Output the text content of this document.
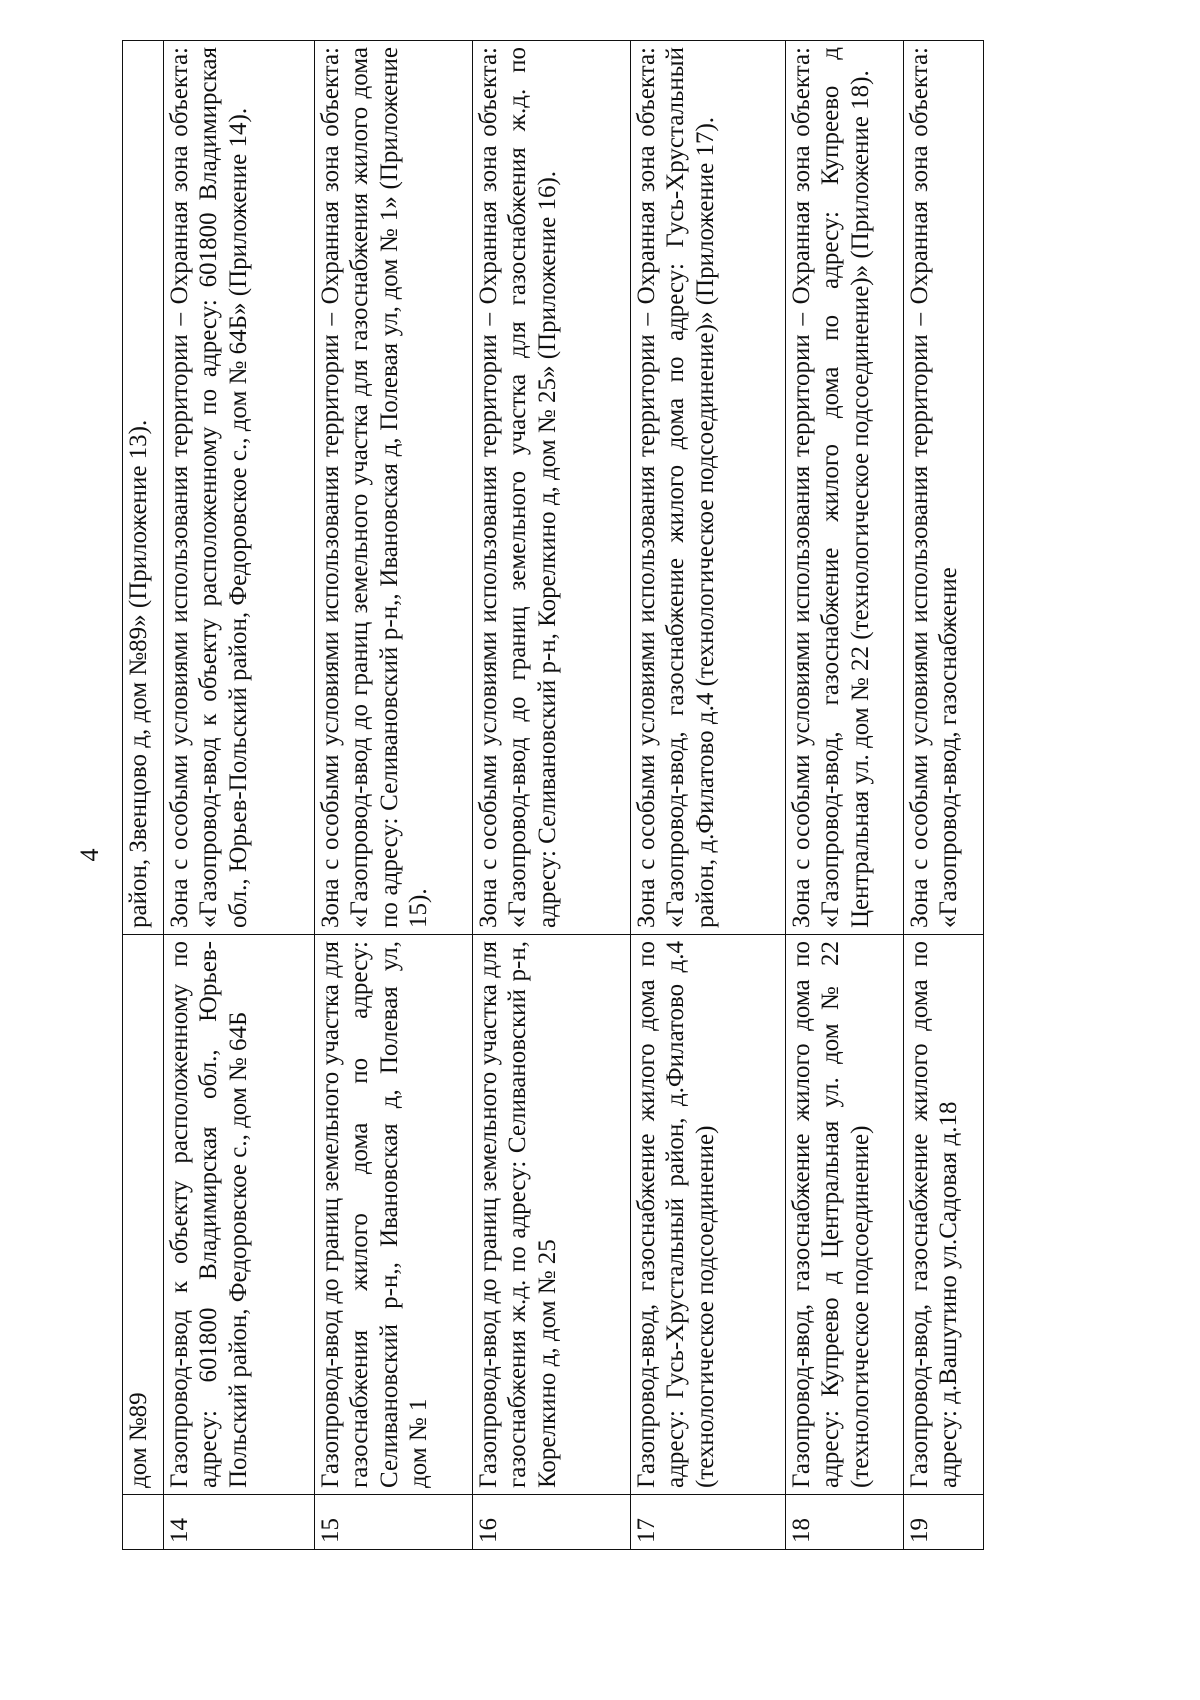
4
	дом №89	район, Звенцово д, дом №89» (Приложение 13).
14	Газопровод-ввод к объекту расположенному по адресу: 601800 Владимирская обл., Юрьев-Польский район, Федоровское с., дом № 64Б	Зона с особыми условиями использования территории – Охранная зона объекта: «Газопровод-ввод к объекту расположенному по адресу: 601800 Владимирская обл., Юрьев-Польский район, Федоровское с., дом № 64Б» (Приложение 14).
15	Газопровод-ввод до границ земельного участка для газоснабжения жилого дома по адресу: Селивановский р-н,, Ивановская д, Полевая ул, дом № 1	Зона с особыми условиями использования территории – Охранная зона объекта: «Газопровод-ввод до границ земельного участка для газоснабжения жилого дома по адресу: Селивановский р-н,, Ивановская д, Полевая ул, дом № 1» (Приложение 15).
16	Газопровод-ввод до границ земельного участка для газоснабжения ж.д. по адресу: Селивановский р-н, Корелкино д, дом № 25	Зона с особыми условиями использования территории – Охранная зона объекта: «Газопровод-ввод до границ земельного участка для газоснабжения ж.д. по адресу: Селивановский р-н, Корелкино д, дом № 25» (Приложение 16).
17	Газопровод-ввод, газоснабжение жилого дома по адресу: Гусь-Хрустальный район, д.Филатово д.4 (технологическое подсоединение)	Зона с особыми условиями использования территории – Охранная зона объекта: «Газопровод-ввод, газоснабжение жилого дома по адресу: Гусь-Хрустальный район, д.Филатово д.4 (технологическое подсоединение)» (Приложение 17).
18	Газопровод-ввод, газоснабжение жилого дома по адресу: Купреево д Центральная ул. дом № 22 (технологическое подсоединение)	Зона с особыми условиями использования территории – Охранная зона объекта: «Газопровод-ввод, газоснабжение жилого дома по адресу: Купреево д Центральная ул. дом № 22 (технологическое подсоединение)» (Приложение 18).
19	Газопровод-ввод, газоснабжение жилого дома по адресу: д.Вашутино ул.Садовая д.18	Зона с особыми условиями использования территории – Охранная зона объекта: «Газопровод-ввод, газоснабжение
